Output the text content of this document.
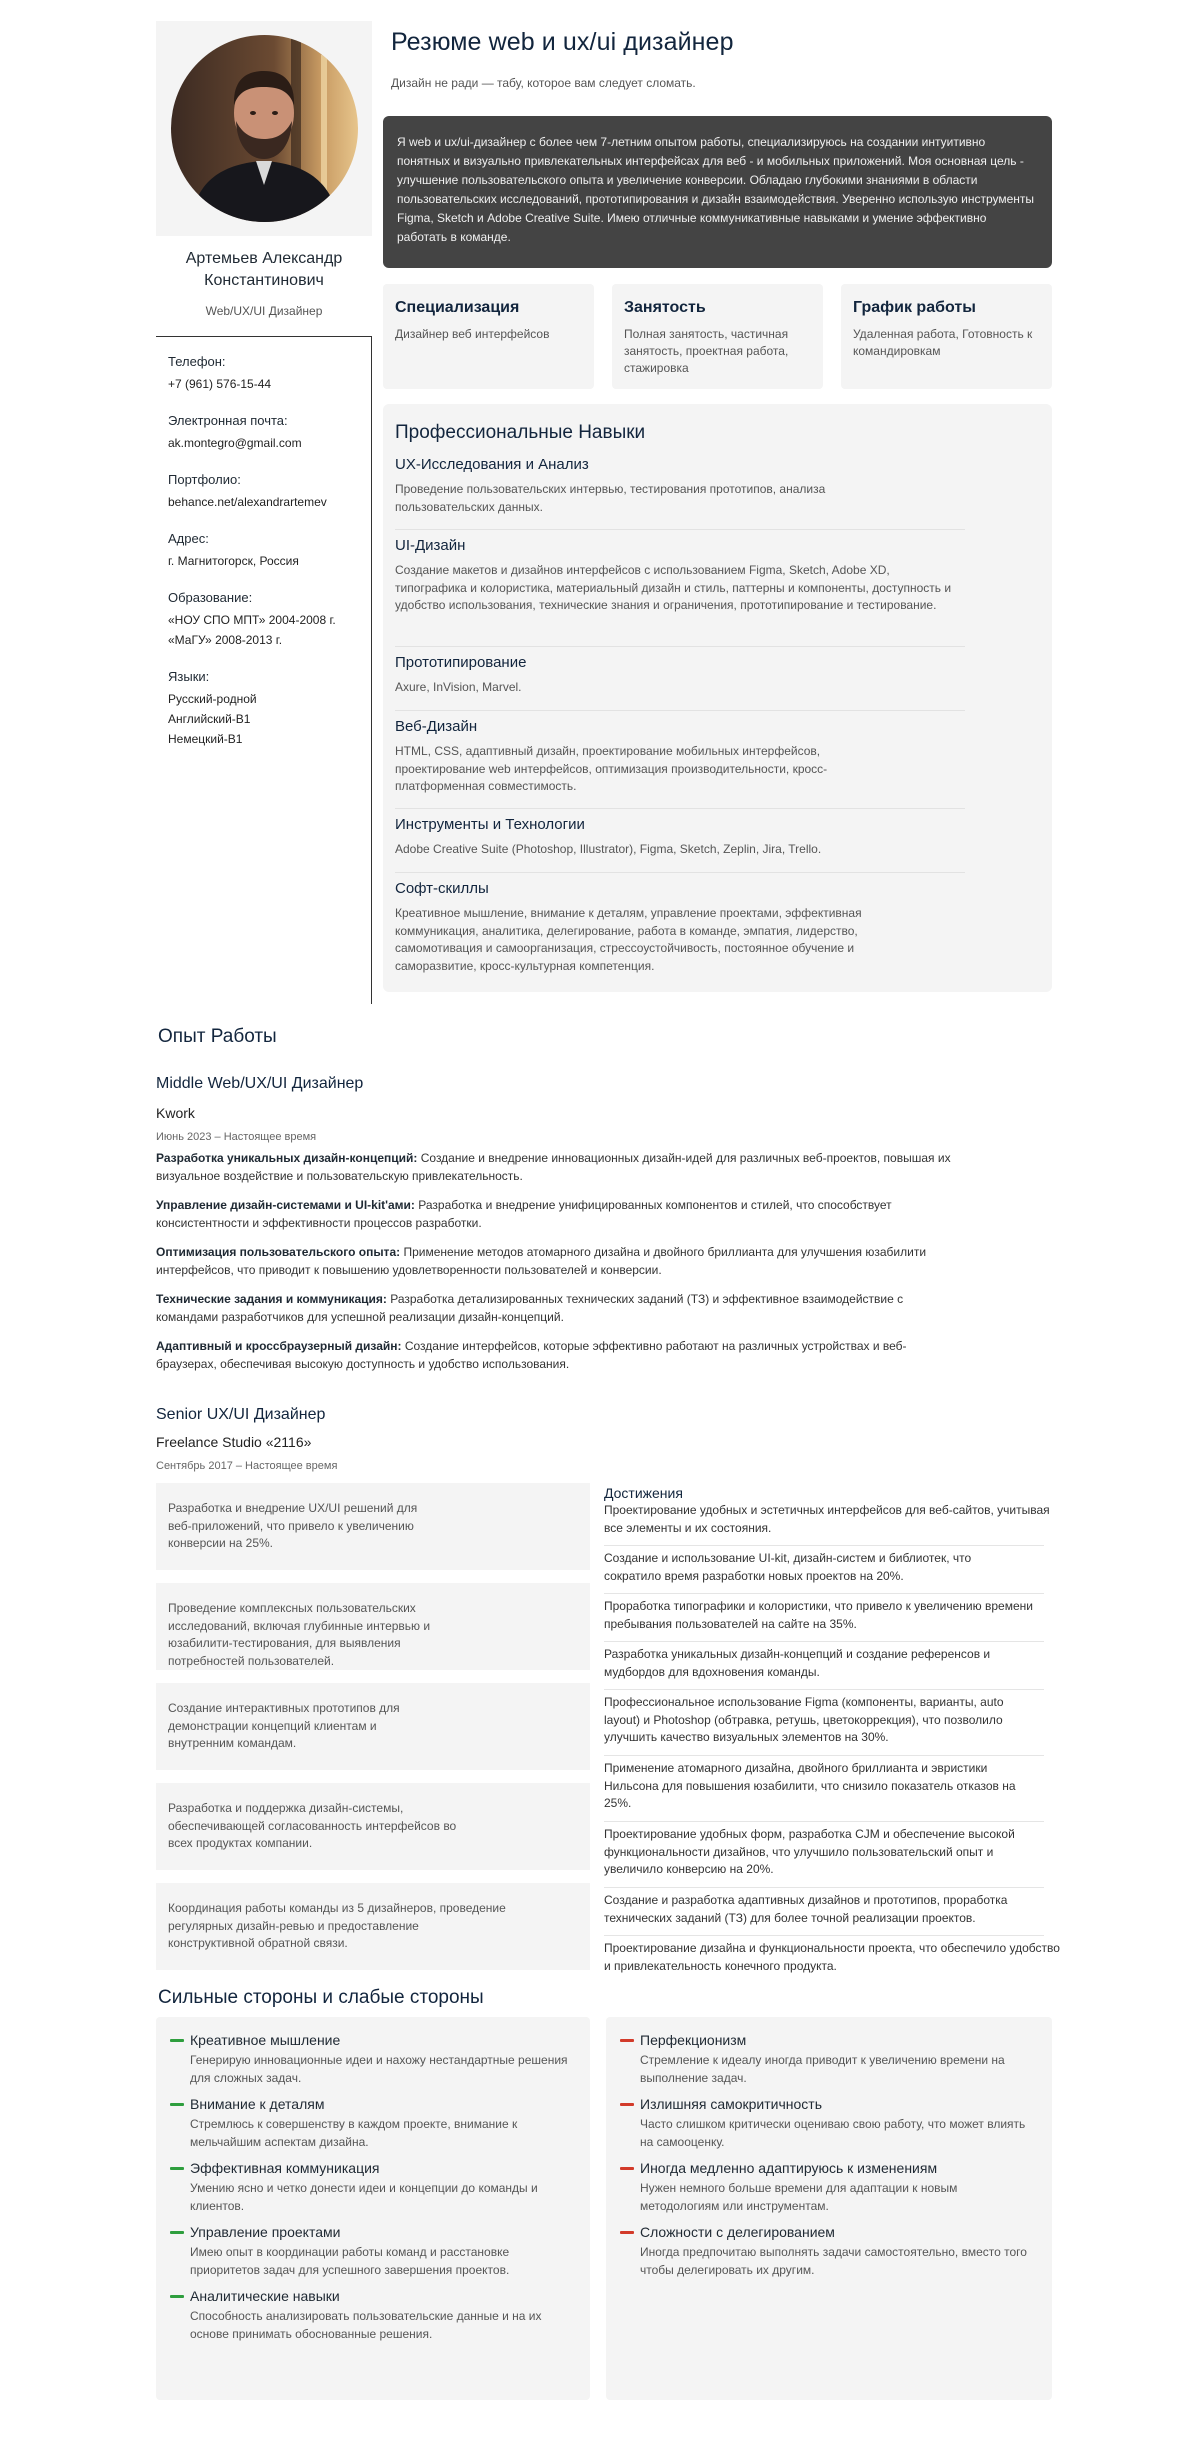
Артемьев Александр Константинович
Web/UX/UI Дизайнер
Телефон:
+7 (961) 576-15-44
Электронная почта:
ak.montegro@gmail.com
Портфолио:
behance.net/alexandrartemev
Адрес:
г. Магнитогорск, Россия
Образование:
«НОУ СПО МПТ» 2004-2008 г.
«МаГУ» 2008-2013 г.
Языки:
Русский-родной
Английский-B1
Немецкий-B1
Резюме web и ux/ui дизайнер
Дизайн не ради — табу, которое вам следует сломать.
Я web и ux/ui-дизайнер с более чем 7-летним опытом работы, специализируюсь на создании интуитивно понятных и визуально привлекательных интерфейсах для веб - и мобильных приложений. Моя основная цель - улучшение пользовательского опыта и увеличение конверсии. Обладаю глубокими знаниями в области пользовательских исследований, прототипирования и дизайн взаимодействия. Уверенно использую инструменты Figma, Sketch и Adobe Creative Suite. Имею отличные коммуникативные навыками и умение эффективно работать в команде.
Специализация

Дизайнер веб интерфейсов

Занятость

Полная занятость, частичная занятость, проектная работа, стажировка

График работы

Удаленная работа, Готовность к командировкам

Профессиональные Навыки
UX-Исследования и Анализ

Проведение пользовательских интервью, тестирования прототипов, анализа пользовательских данных.

UI-Дизайн

Создание макетов и дизайнов интерфейсов с использованием Figma, Sketch, Adobe XD, типографика и колористика, материальный дизайн и стиль, паттерны и компоненты, доступность и удобство использования, технические знания и ограничения, прототипирование и тестирование.

Прототипирование

Axure, InVision, Marvel.

Веб-Дизайн

HTML, CSS, адаптивный дизайн, проектирование мобильных интерфейсов, проектирование web интерфейсов, оптимизация производительности, кросс-платформенная совместимость.

Инструменты и Технологии

Adobe Creative Suite (Photoshop, Illustrator), Figma, Sketch, Zeplin, Jira, Trello.

Софт-скиллы

Креативное мышление, внимание к деталям, управление проектами, эффективная коммуникация, аналитика, делегирование, работа в команде, эмпатия, лидерство, самомотивация и самоорганизация, стрессоустойчивость, постоянное обучение и саморазвитие, кросс-культурная компетенция.

Опыт Работы
Middle Web/UX/UI Дизайнер
Kwork
Июнь 2023 – Настоящее время
Разработка уникальных дизайн-концепций: Создание и внедрение инновационных дизайн-идей для различных веб-проектов, повышая их визуальное воздействие и пользовательскую привлекательность.
Управление дизайн-системами и UI-kit'ами: Разработка и внедрение унифицированных компонентов и стилей, что способствует консистентности и эффективности процессов разработки.
Оптимизация пользовательского опыта: Применение методов атомарного дизайна и двойного бриллианта для улучшения юзабилити интерфейсов, что приводит к повышению удовлетворенности пользователей и конверсии.
Технические задания и коммуникация: Разработка детализированных технических заданий (ТЗ) и эффективное взаимодействие с командами разработчиков для успешной реализации дизайн-концепций.
Адаптивный и кроссбраузерный дизайн: Создание интерфейсов, которые эффективно работают на различных устройствах и веб-браузерах, обеспечивая высокую доступность и удобство использования.
Senior UX/UI Дизайнер
Freelance Studio «2116»
Сентябрь 2017 – Настоящее время
Разработка и внедрение UX/UI решений для веб-приложений, что привело к увеличению конверсии на 25%.
Проведение комплексных пользовательских исследований, включая глубинные интервью и юзабилити-тестирования, для выявления потребностей пользователей.
Создание интерактивных прототипов для демонстрации концепций клиентам и внутренним командам.
Разработка и поддержка дизайн-системы, обеспечивающей согласованность интерфейсов во всех продуктах компании.
Координация работы команды из 5 дизайнеров, проведение регулярных дизайн-ревью и предоставление конструктивной обратной связи.
Достижения
Проектирование удобных и эстетичных интерфейсов для веб-сайтов, учитывая все элементы и их состояния.
Создание и использование UI-kit, дизайн-систем и библиотек, что сократило время разработки новых проектов на 20%.
Проработка типографики и колористики, что привело к увеличению времени пребывания пользователей на сайте на 35%.
Разработка уникальных дизайн-концепций и создание референсов и мудбордов для вдохновения команды.
Профессиональное использование Figma (компоненты, варианты, auto layout) и Photoshop (обтравка, ретушь, цветокоррекция), что позволило улучшить качество визуальных элементов на 30%.
Применение атомарного дизайна, двойного бриллианта и эвристики Нильсона для повышения юзабилити, что снизило показатель отказов на 25%.
Проектирование удобных форм, разработка CJM и обеспечение высокой функциональности дизайнов, что улучшило пользовательский опыт и увеличило конверсию на 20%.
Создание и разработка адаптивных дизайнов и прототипов, проработка технических заданий (ТЗ) для более точной реализации проектов.
Проектирование дизайна и функциональности проекта, что обеспечило удобство и привлекательность конечного продукта.
Сильные стороны и слабые стороны
Креативное мышление
Генерирую инновационные идеи и нахожу нестандартные решения для сложных задач.
Внимание к деталям
Стремлюсь к совершенству в каждом проекте, внимание к мельчайшим аспектам дизайна.
Эффективная коммуникация
Умению ясно и четко донести идеи и концепции до команды и клиентов.
Управление проектами
Имею опыт в координации работы команд и расстановке приоритетов задач для успешного завершения проектов.
Аналитические навыки
Способность анализировать пользовательские данные и на их основе принимать обоснованные решения.
Перфекционизм
Стремление к идеалу иногда приводит к увеличению времени на выполнение задач.
Излишняя самокритичность
Часто слишком критически оцениваю свою работу, что может влиять на самооценку.
Иногда медленно адаптируюсь к изменениям
Нужен немного больше времени для адаптации к новым методологиям или инструментам.
Сложности с делегированием
Иногда предпочитаю выполнять задачи самостоятельно, вместо того чтобы делегировать их другим.
